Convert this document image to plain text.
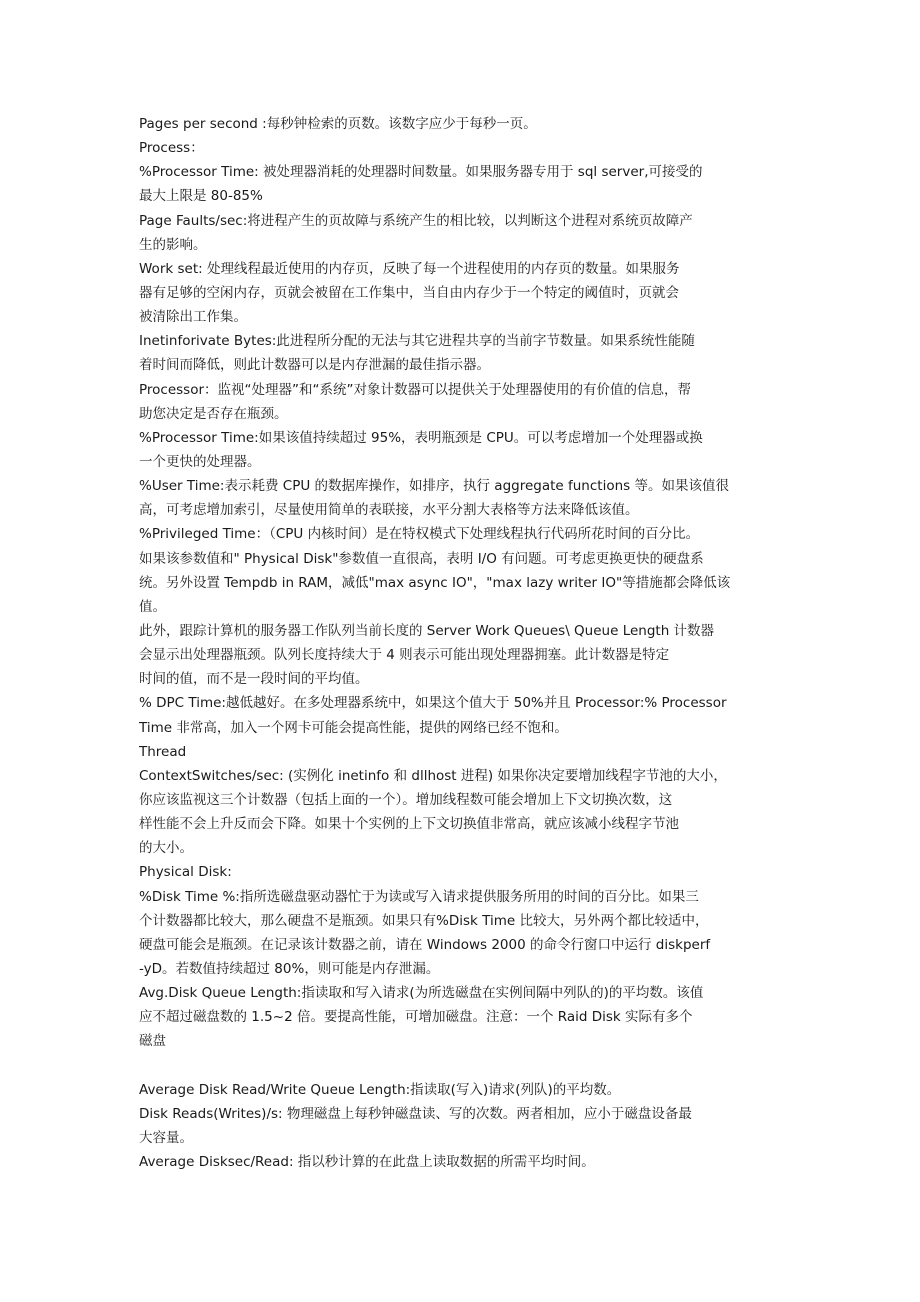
Pages per second :每秒钟检索的页数。该数字应少于每秒一页。
Process：
%Processor Time: 被处理器消耗的处理器时间数量。如果服务器专用于 sql server,可接受的
最大上限是 80-85%
Page Faults/sec:将进程产生的页故障与系统产生的相比较，以判断这个进程对系统页故障产
生的影响。
Work set: 处理线程最近使用的内存页，反映了每一个进程使用的内存页的数量。如果服务
器有足够的空闲内存，页就会被留在工作集中，当自由内存少于一个特定的阈值时，页就会
被清除出工作集。
Inetinforivate Bytes:此进程所分配的无法与其它进程共享的当前字节数量。如果系统性能随
着时间而降低，则此计数器可以是内存泄漏的最佳指示器。
Processor：监视“处理器”和“系统”对象计数器可以提供关于处理器使用的有价值的信息，帮
助您决定是否存在瓶颈。
%Processor Time:如果该值持续超过 95%，表明瓶颈是 CPU。可以考虑增加一个处理器或换
一个更快的处理器。
%User Time:表示耗费 CPU 的数据库操作，如排序，执行 aggregate functions 等。如果该值很
高，可考虑增加索引，尽量使用简单的表联接，水平分割大表格等方法来降低该值。
%Privileged Time：（CPU 内核时间）是在特权模式下处理线程执行代码所花时间的百分比。
如果该参数值和" Physical Disk"参数值一直很高，表明 I/O 有问题。可考虑更换更快的硬盘系
统。另外设置 Tempdb in RAM，减低"max async IO"，"max lazy writer IO"等措施都会降低该
值。
此外，跟踪计算机的服务器工作队列当前长度的 Server Work Queues\ Queue Length 计数器
会显示出处理器瓶颈。队列长度持续大于 4 则表示可能出现处理器拥塞。此计数器是特定
时间的值，而不是一段时间的平均值。
% DPC Time:越低越好。在多处理器系统中，如果这个值大于 50%并且 Processor:% Processor
Time 非常高，加入一个网卡可能会提高性能，提供的网络已经不饱和。
Thread
ContextSwitches/sec: (实例化 inetinfo 和 dllhost 进程) 如果你决定要增加线程字节池的大小，
你应该监视这三个计数器（包括上面的一个）。增加线程数可能会增加上下文切换次数，这
样性能不会上升反而会下降。如果十个实例的上下文切换值非常高，就应该减小线程字节池
的大小。
Physical Disk:
%Disk Time %:指所选磁盘驱动器忙于为读或写入请求提供服务所用的时间的百分比。如果三
个计数器都比较大，那么硬盘不是瓶颈。如果只有%Disk Time 比较大，另外两个都比较适中，
硬盘可能会是瓶颈。在记录该计数器之前，请在 Windows 2000 的命令行窗口中运行 diskperf
-yD。若数值持续超过 80%，则可能是内存泄漏。
Avg.Disk Queue Length:指读取和写入请求(为所选磁盘在实例间隔中列队的)的平均数。该值
应不超过磁盘数的 1.5~2 倍。要提高性能，可增加磁盘。注意：一个 Raid Disk 实际有多个
磁盘
Average Disk Read/Write Queue Length:指读取(写入)请求(列队)的平均数。
Disk Reads(Writes)/s: 物理磁盘上每秒钟磁盘读、写的次数。两者相加，应小于磁盘设备最
大容量。
Average Disksec/Read: 指以秒计算的在此盘上读取数据的所需平均时间。
